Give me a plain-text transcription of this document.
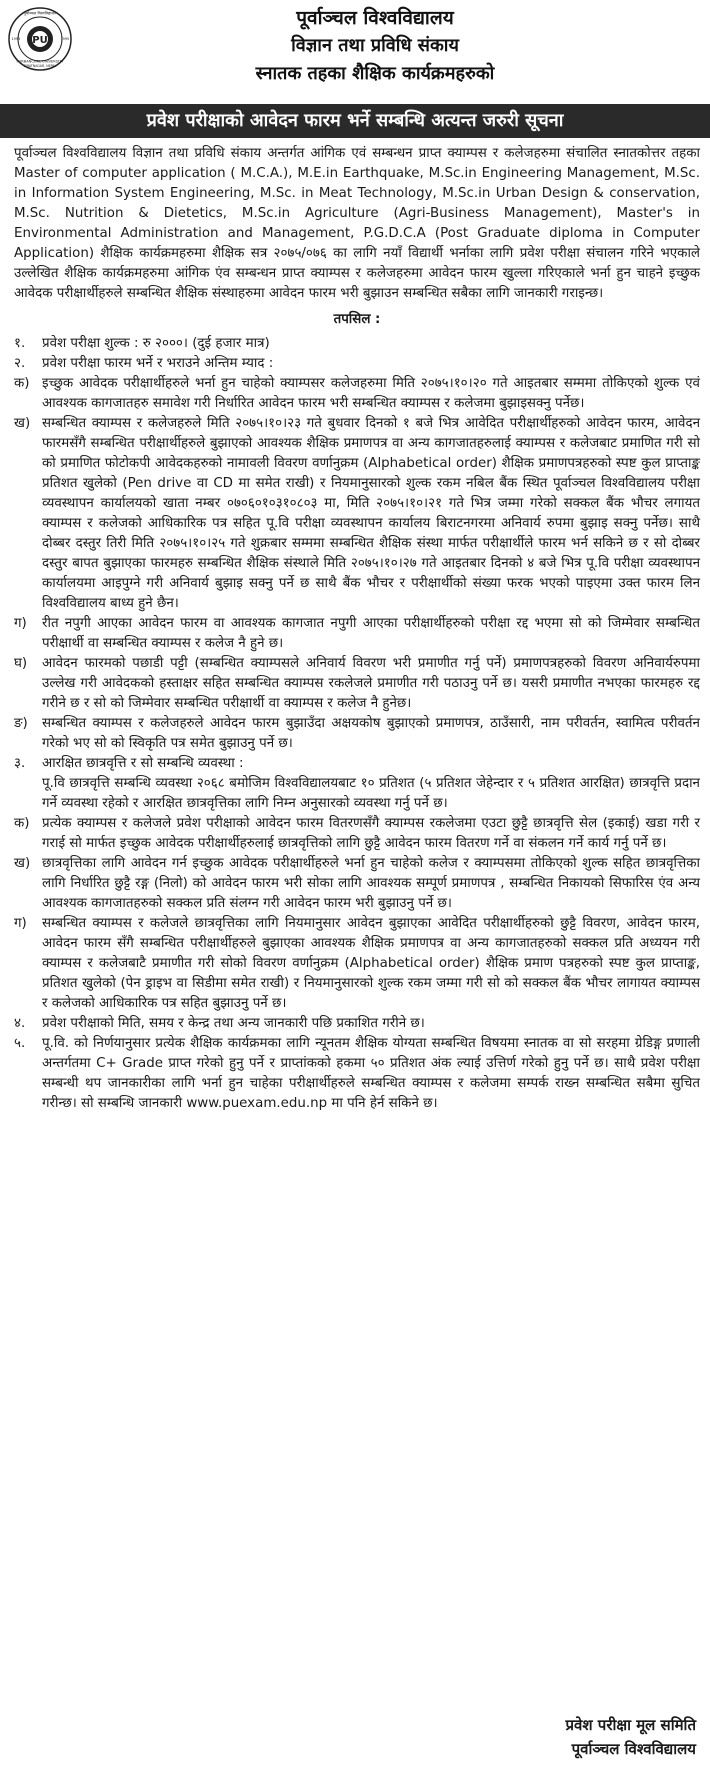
PU
पूर्वाञ्चल विश्वविद्यालय
PURBANCHAL UNIVERSITY
BIRATNAGAR, NEPAL
1993	1995
पूर्वाञ्चल विश्वविद्यालय
विज्ञान तथा प्रविधि संकाय
स्नातक तहका शैक्षिक कार्यक्रमहरुको
प्रवेश परीक्षाको आवेदन फारम भर्ने सम्बन्धि अत्यन्त जरुरी सूचना
पूर्वाञ्चल विश्वविद्यालय विज्ञान तथा प्रविधि संकाय अन्तर्गत आंगिक एवं सम्बन्धन प्राप्त क्याम्पस र कलेजहरुमा संचालित स्नातकोत्तर तहका Master of computer application ( M.C.A.), M.E.in Earthquake, M.Sc.in Engineering Management, M.Sc. in Information System Engineering, M.Sc. in Meat Technology, M.Sc.in Urban Design & conservation, M.Sc. Nutrition & Dietetics, M.Sc.in Agriculture (Agri-Business Management), Master's in Environmental Administration and Management, P.G.D.C.A (Post Graduate diploma in Computer Application) शैक्षिक कार्यक्रमहरुमा शैक्षिक सत्र २०७५/०७६ का लागि नयाँ विद्यार्थी भर्नाका लागि प्रवेश परीक्षा संचालन गरिने भएकाले उल्लेखित शैक्षिक कार्यक्रमहरुमा आंगिक एंव सम्बन्धन प्राप्त क्याम्पस र कलेजहरुमा आवेदन फारम खुल्ला गरिएकाले भर्ना हुन चाहने इच्छुक आवेदक परीक्षार्थीहरुले सम्बन्धित शैक्षिक संस्थाहरुमा आवेदन फारम भरी बुझाउन सम्बन्धित सबैका लागि जानकारी गराइन्छ।
तपसिल :
१.	प्रवेश परीक्षा शुल्क : रु २०००। (दुई हजार मात्र)
२.	प्रवेश परीक्षा फारम भर्ने र भराउने अन्तिम म्याद :
क) इच्छुक आवेदक परीक्षार्थीहरुले भर्ना हुन चाहेको क्याम्पसर कलेजहरुमा मिति २०७५।१०।२० गते आइतबार सम्ममा तोकिएको शुल्क एवं आवश्यक कागजातहरु समावेश गरी निर्धारित आवेदन फारम भरी सम्बन्धित क्याम्पस र कलेजमा बुझाइसक्नु पर्नेछ।
ख) सम्बन्धित क्याम्पस र कलेजहरुले मिति २०७५।१०।२३ गते बुधवार दिनको १ बजे भित्र आवेदित परीक्षार्थीहरुको आवेदन फारम, आवेदन फारमसँगै सम्बन्धित परीक्षार्थीहरुले बुझाएको आवश्यक शैक्षिक प्रमाणपत्र वा अन्य कागजातहरुलाई क्याम्पस र कलेजबाट प्रमाणित गरी सो को प्रमाणित फोटोकपी आवेदकहरुको नामावली विवरण वर्णानुक्रम (Alphabetical order) शैक्षिक प्रमाणपत्रहरुको स्पष्ट कुल प्राप्ताङ्क प्रतिशत खुलेको (Pen drive वा CD मा समेत राखी) र नियमानुसारको शुल्क रकम नबिल बैंक स्थित पूर्वाञ्चल विश्वविद्यालय परीक्षा व्यवस्थापन कार्यालयको खाता नम्बर ०७०६०१०३१०८०३ मा, मिति २०७५।१०।२१ गते भित्र जम्मा गरेको सक्कल बैंक भौचर लगायत क्याम्पस र कलेजको आधिकारिक पत्र सहित पू.वि परीक्षा व्यवस्थापन कार्यालय बिराटनगरमा अनिवार्य रुपमा बुझाइ सक्नु पर्नेछ। साथै दोब्बर दस्तुर तिरी मिति २०७५।१०।२५ गते शुक्रबार सम्ममा सम्बन्धित शैक्षिक संस्था मार्फत परीक्षार्थीले फारम भर्न सकिने छ र सो दोब्बर दस्तुर बापत बुझाएका फारमहरु सम्बन्धित शैक्षिक संस्थाले मिति २०७५।१०।२७ गते आइतबार दिनको ४ बजे भित्र पू.वि परीक्षा व्यवस्थापन कार्यालयमा आइपुग्ने गरी अनिवार्य बुझाइ सक्नु पर्ने छ साथै बैंक भौचर र परीक्षार्थीको संख्या फरक भएको पाइएमा उक्त फारम लिन विश्वविद्यालय बाध्य हुने छैन।
ग)	रीत नपुगी आएका आवेदन फारम वा आवश्यक कागजात नपुगी आएका परीक्षार्थीहरुको परीक्षा रद्द भएमा सो को जिम्मेवार सम्बन्धित परीक्षार्थी वा सम्बन्धित क्याम्पस र कलेज नै हुने छ।
घ)	आवेदन फारमको पछाडी पट्टी (सम्बन्धित क्याम्पसले अनिवार्य विवरण भरी प्रमाणीत गर्नु पर्ने) प्रमाणपत्रहरुको विवरण अनिवार्यरुपमा उल्लेख गरी आवेदकको हस्ताक्षर सहित सम्बन्धित क्याम्पस रकलेजले प्रमाणीत गरी पठाउनु पर्ने छ। यसरी प्रमाणीत नभएका फारमहरु रद्द गरीने छ र सो को जिम्मेवार सम्बन्धित परीक्षार्थी वा क्याम्पस र कलेज नै हुनेछ।
ङ)	सम्बन्धित क्याम्पस र कलेजहरुले आवेदन फारम बुझाउँदा अक्षयकोष बुझाएको प्रमाणपत्र, ठाउँसारी, नाम परीवर्तन, स्वामित्व परीवर्तन गरेको भए सो को स्विकृति पत्र समेत बुझाउनु पर्ने छ।
३.	आरक्षित छात्रवृत्ति र सो सम्बन्धि व्यवस्था :
पू.वि छात्रवृत्ति सम्बन्धि व्यवस्था २०६८ बमोजिम विश्वविद्यालयबाट १० प्रतिशत (५ प्रतिशत जेहेन्दार र ५ प्रतिशत आरक्षित) छात्रवृत्ति प्रदान गर्ने व्यवस्था रहेको र आरक्षित छात्रवृत्तिका लागि निम्न अनुसारको व्यवस्था गर्नु पर्ने छ।
क) प्रत्येक क्याम्पस र कलेजले प्रवेश परीक्षाको आवेदन फारम वितरणसँगै क्याम्पस रकलेजमा एउटा छुट्टै छात्रवृत्ति सेल (इकाई) खडा गरी र गराई सो मार्फत इच्छुक आवेदक परीक्षार्थीहरुलाई छात्रवृत्तिको लागि छुट्टै आवेदन फारम वितरण गर्ने वा संकलन गर्ने कार्य गर्नु पर्ने छ।
ख) छात्रवृत्तिका लागि आवेदन गर्न इच्छुक आवेदक परीक्षार्थीहरुले भर्ना हुन चाहेको कलेज र क्याम्पसमा तोकिएको शुल्क सहित छात्रवृत्तिका लागि निर्धारित छुट्टै रङ्ग (निलो) को आवेदन फारम भरी सोका लागि आवश्यक सम्पूर्ण प्रमाणपत्र , सम्बन्धित निकायको सिफारिस एंव अन्य आवश्यक कागजातहरुको सक्कल प्रति संलग्न गरी आवेदन फारम भरी बुझाउनु पर्ने छ।
ग)	सम्बन्धित क्याम्पस र कलेजले छात्रवृत्तिका लागि नियमानुसार आवेदन बुझाएका आवेदित परीक्षार्थीहरुको छुट्टै विवरण, आवेदन फारम, आवेदन फारम सँगै सम्बन्धित परीक्षार्थीहरुले बुझाएका आवश्यक शैक्षिक प्रमाणपत्र वा अन्य कागजातहरुको सक्कल प्रति अध्ययन गरी क्याम्पस र कलेजबाटै प्रमाणीत गरी सोको विवरण वर्णानुक्रम (Alphabetical order) शैक्षिक प्रमाण पत्रहरुको स्पष्ट कुल प्राप्ताङ्क, प्रतिशत खुलेको (पेन ड्राइभ वा सिडीमा समेत राखी) र नियमानुसारको शुल्क रकम जम्मा गरी सो को सक्कल बैंक भौचर लागायत क्याम्पस र कलेजको आधिकारिक पत्र सहित बुझाउनु पर्ने छ।
४.	प्रवेश परीक्षाको मिति, समय र केन्द्र तथा अन्य जानकारी पछि प्रकाशित गरीने छ।
५.	पू.वि. को निर्णयानुसार प्रत्येक शैक्षिक कार्यक्रमका लागि न्यूनतम शैक्षिक योग्यता सम्बन्धित विषयमा स्नातक वा सो सरहमा ग्रेडिङ्ग प्रणाली अन्तर्गतमा C+ Grade प्राप्त गरेको हुनु पर्ने र प्राप्तांकको हकमा ५० प्रतिशत अंक ल्याई उत्तिर्ण गरेको हुनु पर्ने छ। साथै प्रवेश परीक्षा सम्बन्धी थप जानकारीका लागि भर्ना हुन चाहेका परीक्षार्थीहरुले सम्बन्धित क्याम्पस र कलेजमा सम्पर्क राख्न सम्बन्धित सबैमा सुचित गरीन्छ। सो सम्बन्धि जानकारी www.puexam.edu.np मा पनि हेर्न सकिने छ।
प्रवेश परीक्षा मूल समिति
पूर्वाञ्चल विश्वविद्यालय
